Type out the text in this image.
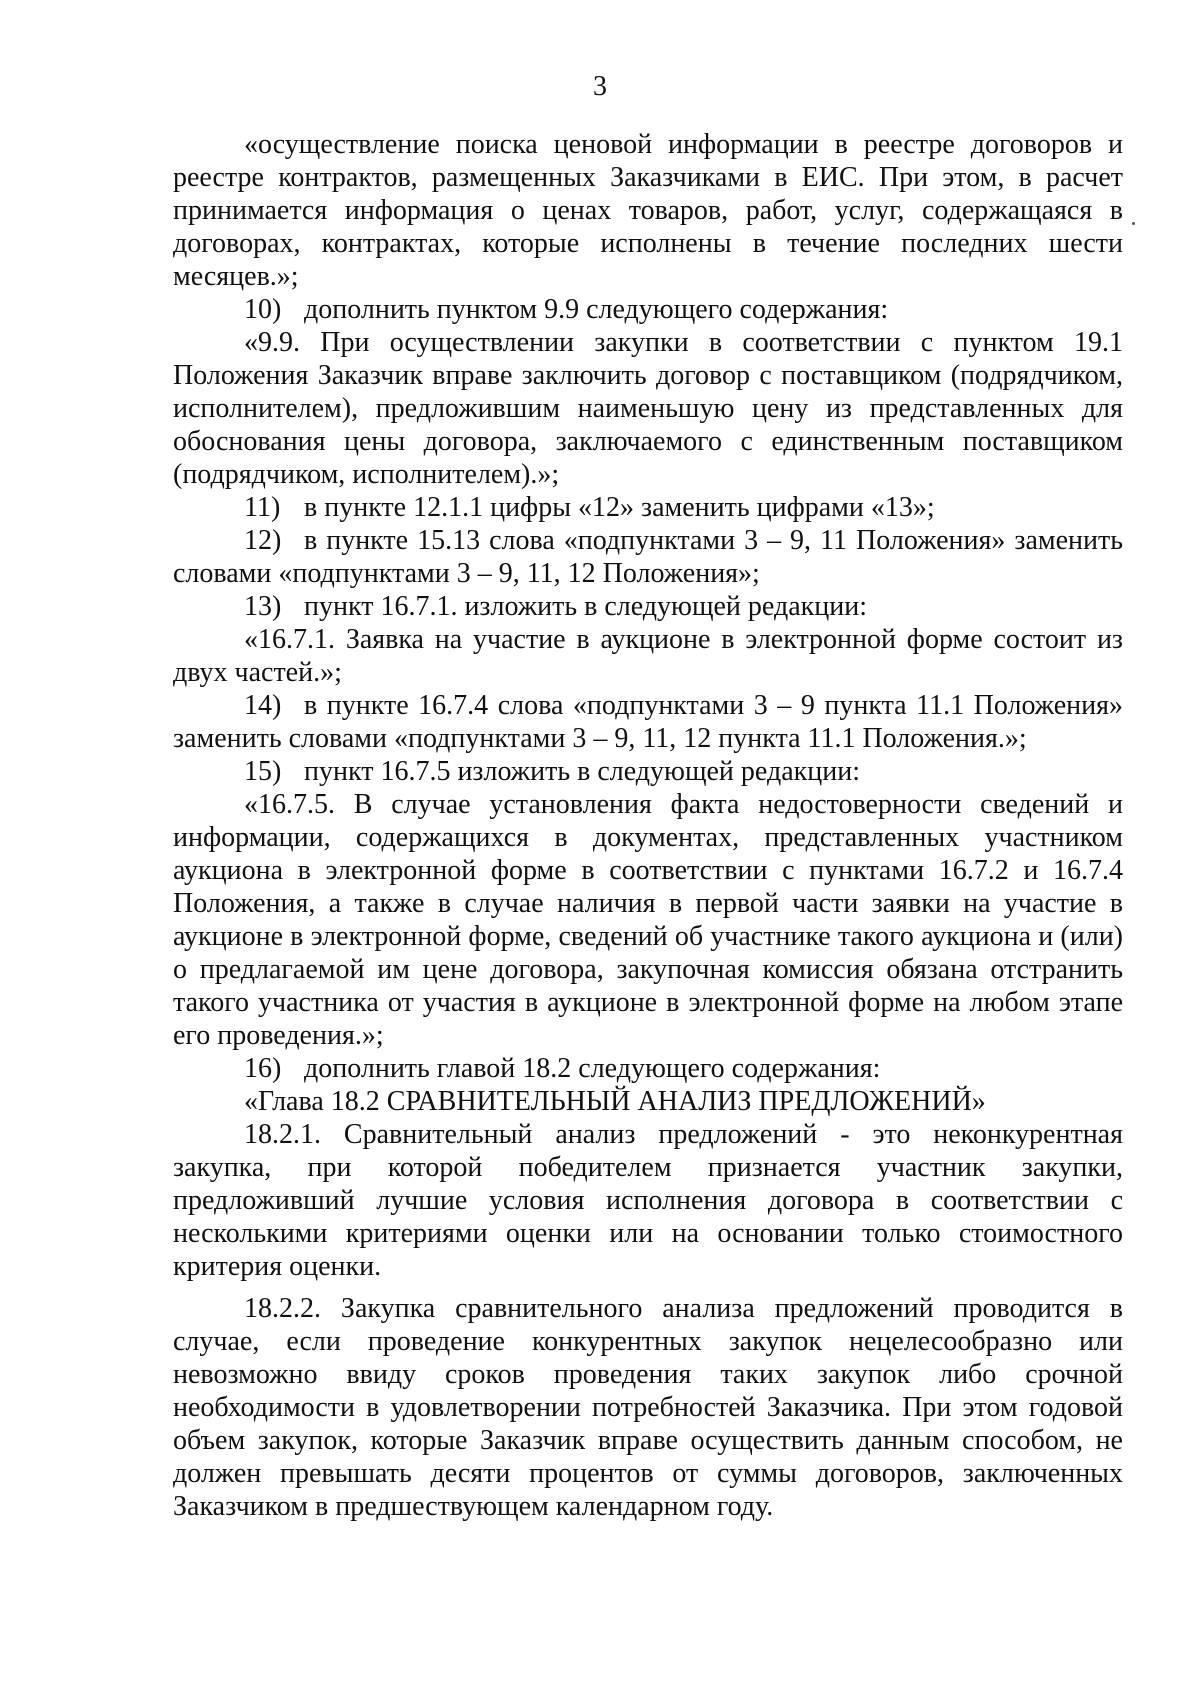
3

«осуществление поиска ценовой информации в реестре договоров и реестре контрактов, размещенных Заказчиками в ЕИС. При этом, в расчет принимается информация о ценах товаров, работ, услуг, содержащаяся в договорах, контрактах, которые исполнены в течение последних шести месяцев.»;

10) дополнить пунктом 9.9 следующего содержания:

«9.9. При осуществлении закупки в соответствии с пунктом 19.1 Положения Заказчик вправе заключить договор с поставщиком (подрядчиком, исполнителем), предложившим наименьшую цену из представленных для обоснования цены договора, заключаемого с единственным поставщиком (подрядчиком, исполнителем).»;

11) в пункте 12.1.1 цифры «12» заменить цифрами «13»;

12) в пункте 15.13 слова «подпунктами 3 – 9, 11 Положения» заменить словами «подпунктами 3 – 9, 11, 12 Положения»;

13) пункт 16.7.1. изложить в следующей редакции:

«16.7.1. Заявка на участие в аукционе в электронной форме состоит из двух частей.»;

14) в пункте 16.7.4 слова «подпунктами 3 – 9 пункта 11.1 Положения» заменить словами «подпунктами 3 – 9, 11, 12 пункта 11.1 Положения.»;

15) пункт 16.7.5 изложить в следующей редакции:

«16.7.5. В случае установления факта недостоверности сведений и информации, содержащихся в документах, представленных участником аукциона в электронной форме в соответствии с пунктами 16.7.2 и 16.7.4 Положения, а также в случае наличия в первой части заявки на участие в аукционе в электронной форме, сведений об участнике такого аукциона и (или) о предлагаемой им цене договора, закупочная комиссия обязана отстранить такого участника от участия в аукционе в электронной форме на любом этапе его проведения.»;

16) дополнить главой 18.2 следующего содержания:

«Глава 18.2 СРАВНИТЕЛЬНЫЙ АНАЛИЗ ПРЕДЛОЖЕНИЙ»

18.2.1. Сравнительный анализ предложений - это неконкурентная закупка, при которой победителем признается участник закупки, предложивший лучшие условия исполнения договора в соответствии с несколькими критериями оценки или на основании только стоимостного критерия оценки.

18.2.2. Закупка сравнительного анализа предложений проводится в случае, если проведение конкурентных закупок нецелесообразно или невозможно ввиду сроков проведения таких закупок либо срочной необходимости в удовлетворении потребностей Заказчика. При этом годовой объем закупок, которые Заказчик вправе осуществить данным способом, не должен превышать десяти процентов от суммы договоров, заключенных Заказчиком в предшествующем календарном году.
